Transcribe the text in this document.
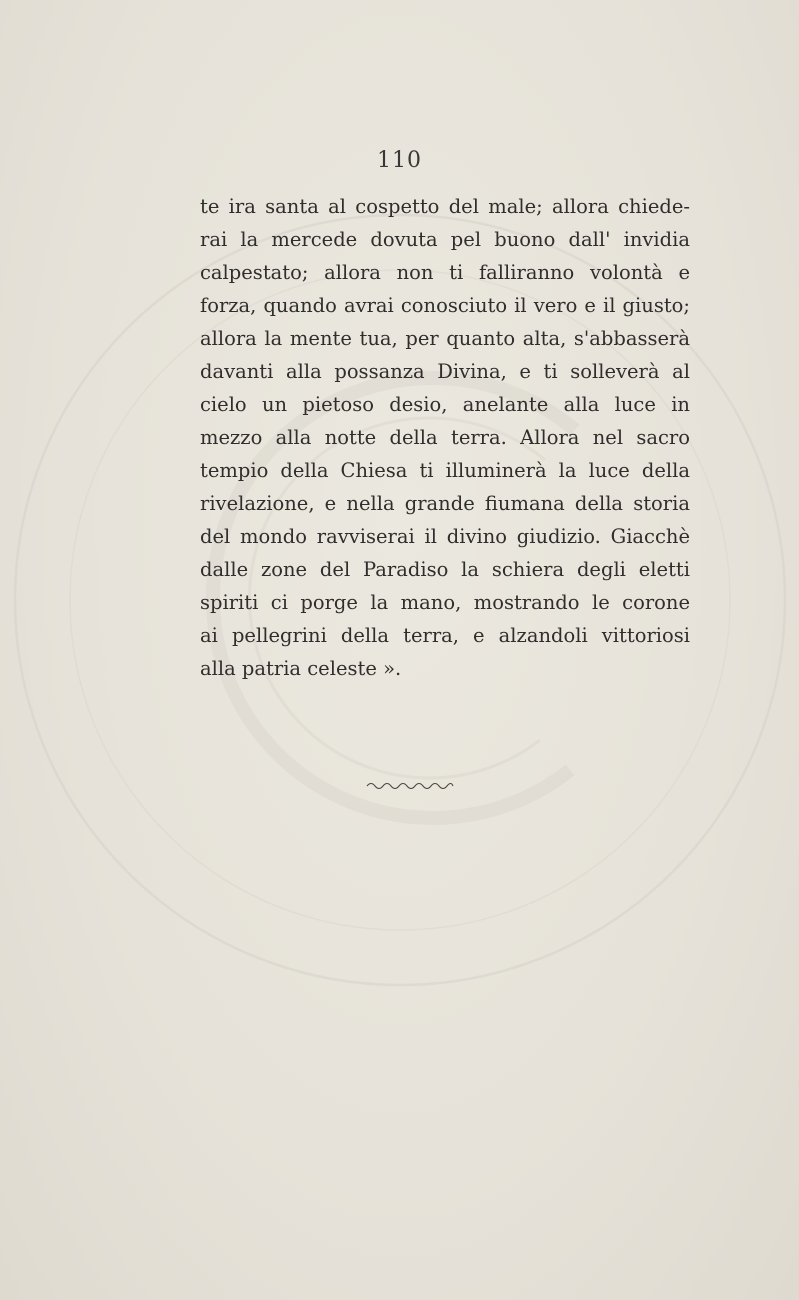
110
te ira santa al cospetto del male; allora chiede-
rai la mercede dovuta pel buono dall' invidia
calpestato; allora non ti falliranno volontà e
forza, quando avrai conosciuto il vero e il giusto;
allora la mente tua, per quanto alta, s'abbasserà
davanti alla possanza Divina, e ti solleverà al
cielo un pietoso desio, anelante alla luce in
mezzo alla notte della terra. Allora nel sacro
tempio della Chiesa ti illuminerà la luce della
rivelazione, e nella grande fiumana della storia
del mondo ravviserai il divino giudizio. Giacchè
dalle zone del Paradiso la schiera degli eletti
spiriti ci porge la mano, mostrando le corone
ai pellegrini della terra, e alzandoli vittoriosi
alla patria celeste ».
